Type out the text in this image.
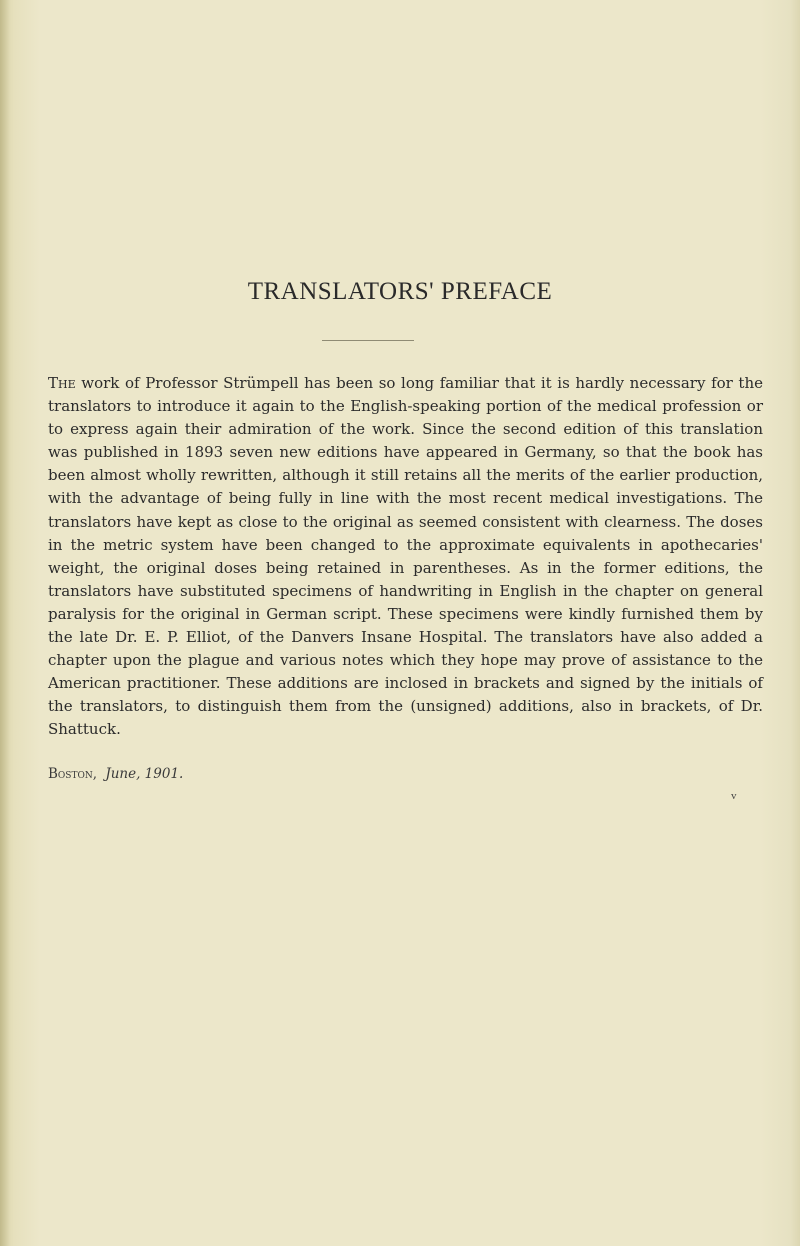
TRANSLATORS' PREFACE

The work of Professor Strümpell has been so long familiar that it is hardly necessary for the translators to introduce it again to the English-speaking portion of the medical profession or to express again their admiration of the work. Since the second edition of this translation was published in 1893 seven new editions have appeared in Germany, so that the book has been almost wholly rewritten, although it still retains all the merits of the earlier production, with the advantage of being fully in line with the most recent medical investigations. The translators have kept as close to the original as seemed consistent with clearness. The doses in the metric system have been changed to the approximate equivalents in apothecaries' weight, the original doses being retained in parentheses. As in the former editions, the translators have substituted specimens of handwriting in English in the chapter on general paralysis for the original in German script. These specimens were kindly furnished them by the late Dr. E. P. Elliot, of the Danvers Insane Hospital. The translators have also added a chapter upon the plague and various notes which they hope may prove of assistance to the American practitioner. These additions are inclosed in brackets and signed by the initials of the translators, to distinguish them from the (unsigned) additions, also in brackets, of Dr. Shattuck.

Boston, June, 1901.
v
